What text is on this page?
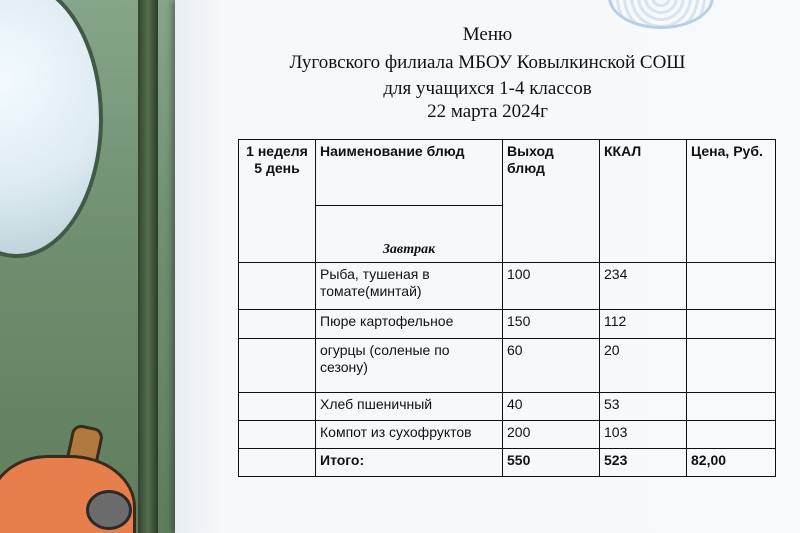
Меню
Луговского филиала МБОУ Ковылкинской СОШ
для учащихся 1-4 классов
22 марта 2024г
1 неделя 5 день	Наименование блюд	Выход блюд	ККАЛ	Цена, Руб.
	Завтрак			
	Рыба, тушеная в томате(минтай)	100	234	
	Пюре картофельное	150	112	
	огурцы (соленые по сезону)	60	20	
	Хлеб пшеничный	40	53	
	Компот из сухофруктов	200	103	
	Итого:	550	523	82,00
